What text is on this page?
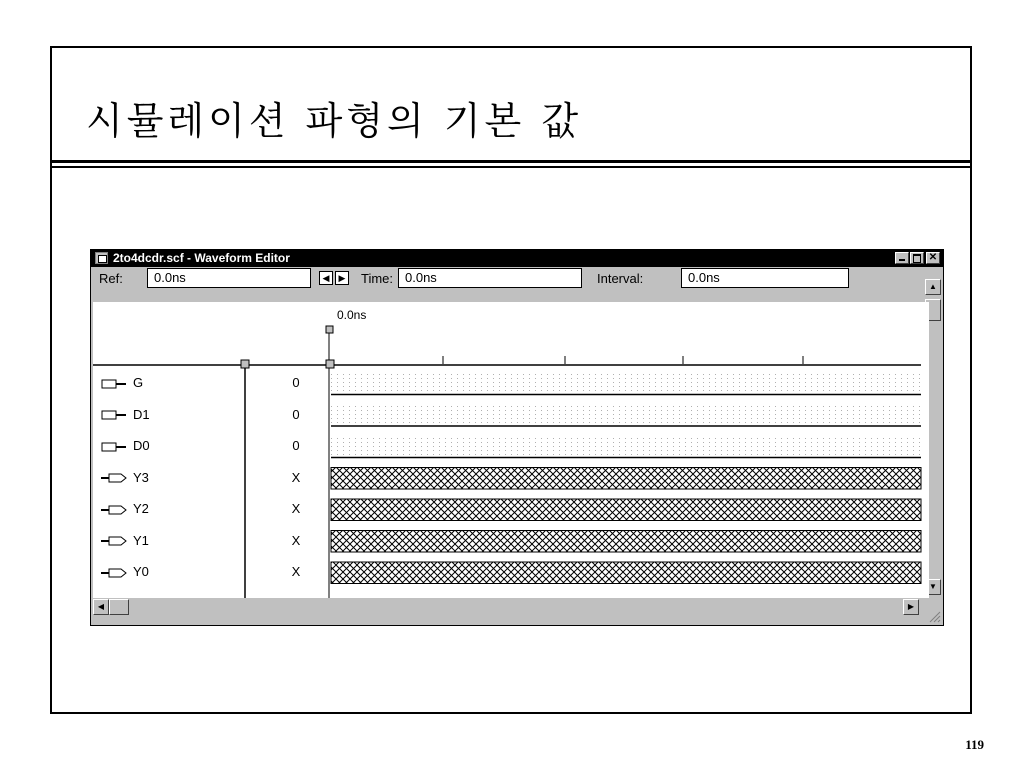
시뮬레이션 파형의 기본 값
119
2to4dcdr.scf - Waveform Editor	✕
Ref:	0.0ns	◀	▶ Time: 0.0ns	Interval:	0.0ns
▲
▼
0.0ns
G	0
D1	0
D0	0
Y3	X
Y2	X
Y1	X
Y0	X
◀	▶
